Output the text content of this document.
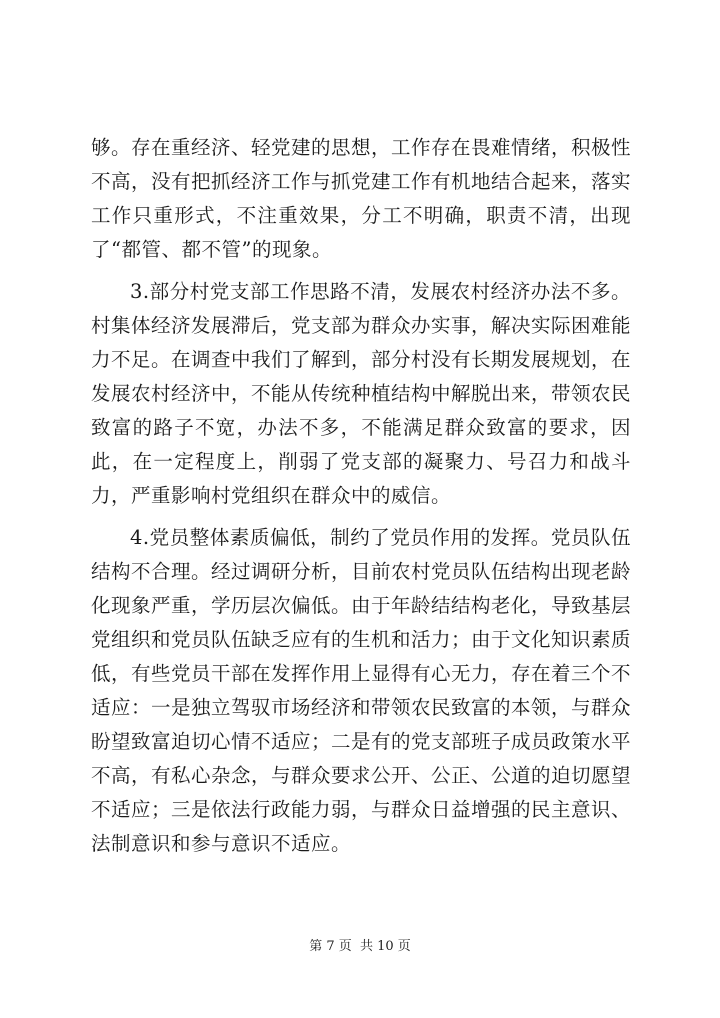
够。存在重经济、轻党建的思想，工作存在畏难情绪，积极性不高，没有把抓经济工作与抓党建工作有机地结合起来，落实工作只重形式，不注重效果，分工不明确，职责不清，出现了“都管、都不管”的现象。

3.部分村党支部工作思路不清，发展农村经济办法不多。村集体经济发展滞后，党支部为群众办实事，解决实际困难能力不足。在调查中我们了解到，部分村没有长期发展规划，在发展农村经济中，不能从传统种植结构中解脱出来，带领农民致富的路子不宽，办法不多，不能满足群众致富的要求，因此，在一定程度上，削弱了党支部的凝聚力、号召力和战斗力，严重影响村党组织在群众中的威信。

4.党员整体素质偏低，制约了党员作用的发挥。党员队伍结构不合理。经过调研分析，目前农村党员队伍结构出现老龄化现象严重，学历层次偏低。由于年龄结结构老化，导致基层党组织和党员队伍缺乏应有的生机和活力；由于文化知识素质低，有些党员干部在发挥作用上显得有心无力，存在着三个不适应：一是独立驾驭市场经济和带领农民致富的本领，与群众盼望致富迫切心情不适应；二是有的党支部班子成员政策水平不高，有私心杂念，与群众要求公开、公正、公道的迫切愿望不适应；三是依法行政能力弱，与群众日益增强的民主意识、法制意识和参与意识不适应。

第 7 页  共 10 页
